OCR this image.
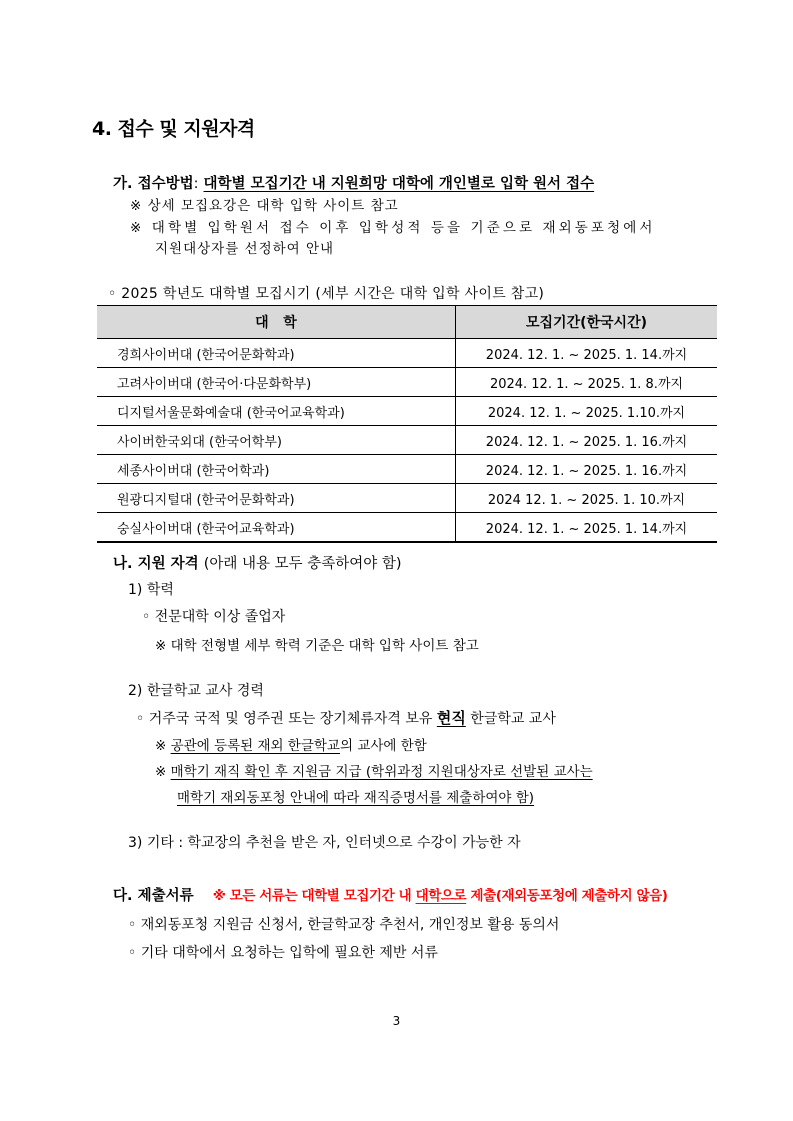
4. 접수 및 지원자격
가. 접수방법: 대학별 모집기간 내 지원희망 대학에 개인별로 입학 원서 접수
※ 상세 모집요강은 대학 입학 사이트 참고
※ 대학별 입학원서 접수 이후 입학성적 등을 기준으로 재외동포청에서
지원대상자를 선정하여 안내
◦ 2025 학년도 대학별 모집시기 (세부 시간은 대학 입학 사이트 참고)
대   학	모집기간(한국시간)
경희사이버대 (한국어문화학과)	2024. 12. 1. ~ 2025. 1. 14.까지
고려사이버대 (한국어·다문화학부)	2024. 12. 1. ~ 2025. 1. 8.까지
디지털서울문화예술대 (한국어교육학과)	2024. 12. 1. ~ 2025. 1.10.까지
사이버한국외대 (한국어학부)	2024. 12. 1. ~ 2025. 1. 16.까지
세종사이버대 (한국어학과)	2024. 12. 1. ~ 2025. 1. 16.까지
원광디지털대 (한국어문화학과)	2024 12. 1. ~ 2025. 1. 10.까지
숭실사이버대 (한국어교육학과)	2024. 12. 1. ~ 2025. 1. 14.까지
나. 지원 자격 (아래 내용 모두 충족하여야 함)
1) 학력
◦ 전문대학 이상 졸업자
※ 대학 전형별 세부 학력 기준은 대학 입학 사이트 참고
2) 한글학교 교사 경력
◦ 거주국 국적 및 영주권 또는 장기체류자격 보유 현직 한글학교 교사
※ 공관에 등록된 재외 한글학교의 교사에 한함
※ 매학기 재직 확인 후 지원금 지급 (학위과정 지원대상자로 선발된 교사는
매학기 재외동포청 안내에 따라 재직증명서를 제출하여야 함)
3) 기타 : 학교장의 추천을 받은 자, 인터넷으로 수강이 가능한 자
다. 제출서류 ※ 모든 서류는 대학별 모집기간 내 대학으로 제출(재외동포청에 제출하지 않음)
◦ 재외동포청 지원금 신청서, 한글학교장 추천서, 개인정보 활용 동의서
◦ 기타 대학에서 요청하는 입학에 필요한 제반 서류
3
